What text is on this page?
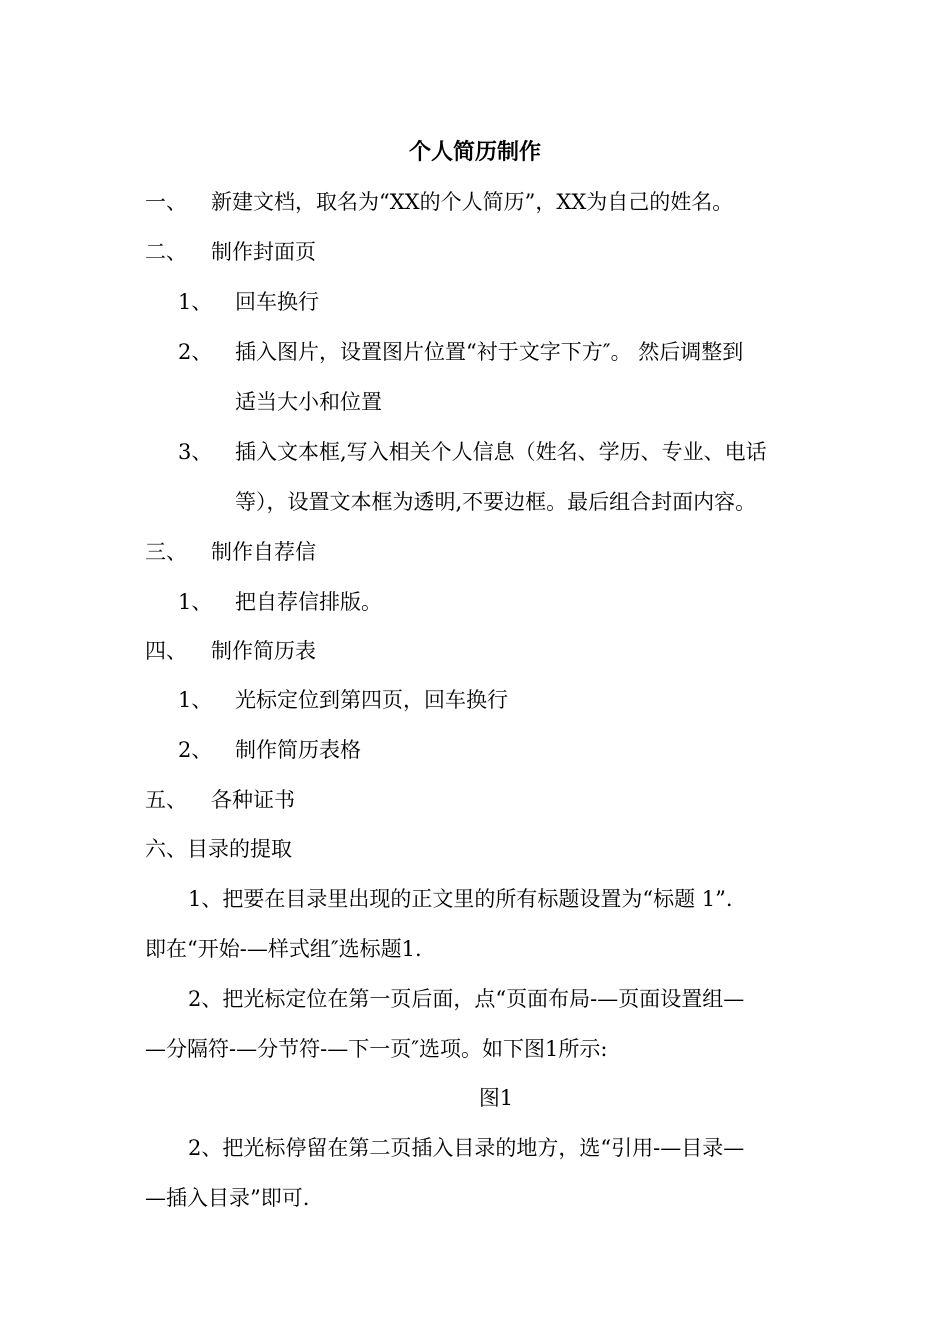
个人简历制作
一、 新建文档，取名为“XX的个人简历”，XX为自己的姓名。
二、 制作封面页
1、 回车换行
2、 插入图片，设置图片位置“衬于文字下方″。 然后调整到
适当大小和位置
3、 插入文本框,写入相关个人信息（姓名、学历、专业、电话
等），设置文本框为透明,不要边框。最后组合封面内容。
三、 制作自荐信
1、 把自荐信排版。
四、 制作简历表
1、 光标定位到第四页，回车换行
2、 制作简历表格
五、 各种证书
六、目录的提取
1、把要在目录里出现的正文里的所有标题设置为“标题 1”.
即在“开始-—样式组″选标题1.
2、把光标定位在第一页后面，点“页面布局-—页面设置组—
—分隔符-—分节符-—下一页″选项。如下图1所示:
图1
2、把光标停留在第二页插入目录的地方，选“引用-—目录—
—插入目录”即可.
